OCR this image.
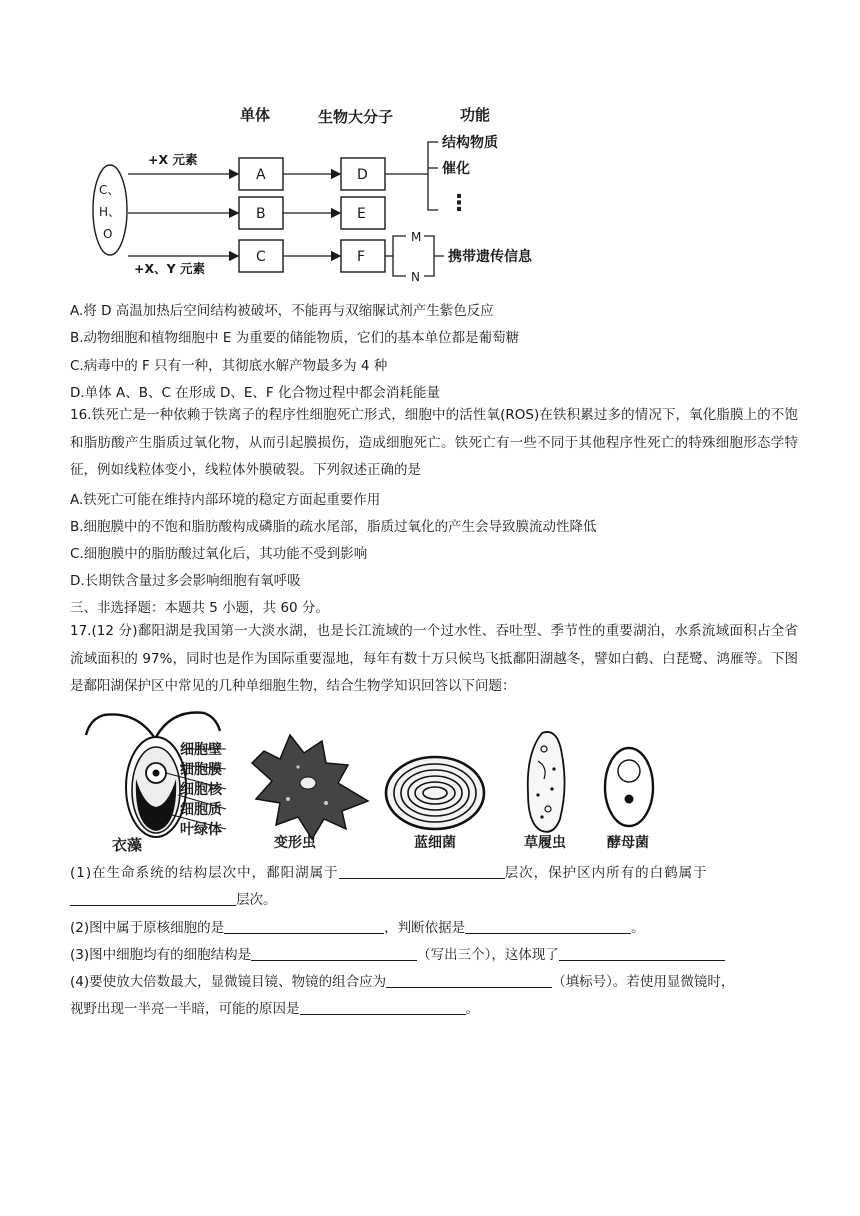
单体	生物大分子	功能
C、
H、
O
+X 元素
+X、Y 元素
A
B
C
D
E
F
结构物质
催化
⋮
M
N
携带遗传信息
A.将 D 高温加热后空间结构被破坏，不能再与双缩脲试剂产生紫色反应
B.动物细胞和植物细胞中 E 为重要的储能物质，它们的基本单位都是葡萄糖
C.病毒中的 F 只有一种，其彻底水解产物最多为 4 种
D.单体 A、B、C 在形成 D、E、F 化合物过程中都会消耗能量
16.铁死亡是一种依赖于铁离子的程序性细胞死亡形式，细胞中的活性氧(ROS)在铁积累过多的情况下，氧化脂膜上的不饱和脂肪酸产生脂质过氧化物，从而引起膜损伤，造成细胞死亡。铁死亡有一些不同于其他程序性死亡的特殊细胞形态学特征，例如线粒体变小，线粒体外膜破裂。下列叙述正确的是
A.铁死亡可能在维持内部环境的稳定方面起重要作用
B.细胞膜中的不饱和脂肪酸构成磷脂的疏水尾部，脂质过氧化的产生会导致膜流动性降低
C.细胞膜中的脂肪酸过氧化后，其功能不受到影响
D.长期铁含量过多会影响细胞有氧呼吸
三、非选择题：本题共 5 小题，共 60 分。
17.(12 分)鄱阳湖是我国第一大淡水湖，也是长江流域的一个过水性、吞吐型、季节性的重要湖泊，水系流域面积占全省流域面积的 97%，同时也是作为国际重要湿地，每年有数十万只候鸟飞抵鄱阳湖越冬，譬如白鹤、白琵鹭、鸿雁等。下图是鄱阳湖保护区中常见的几种单细胞生物，结合生物学知识回答以下问题：
细胞壁
细胞膜
细胞核
细胞质
叶绿体
衣藻	变形虫	蓝细菌	草履虫	酵母菌
(1)在生命系统的结构层次中，鄱阳湖属于	层次，保护区内所有的白鹤属于
层次。
(2)图中属于原核细胞的是	，判断依据是	。
(3)图中细胞均有的细胞结构是	（写出三个），这体现了
(4)要使放大倍数最大，显微镜目镜、物镜的组合应为	（填标号）。若使用显微镜时，
视野出现一半亮一半暗，可能的原因是	。
